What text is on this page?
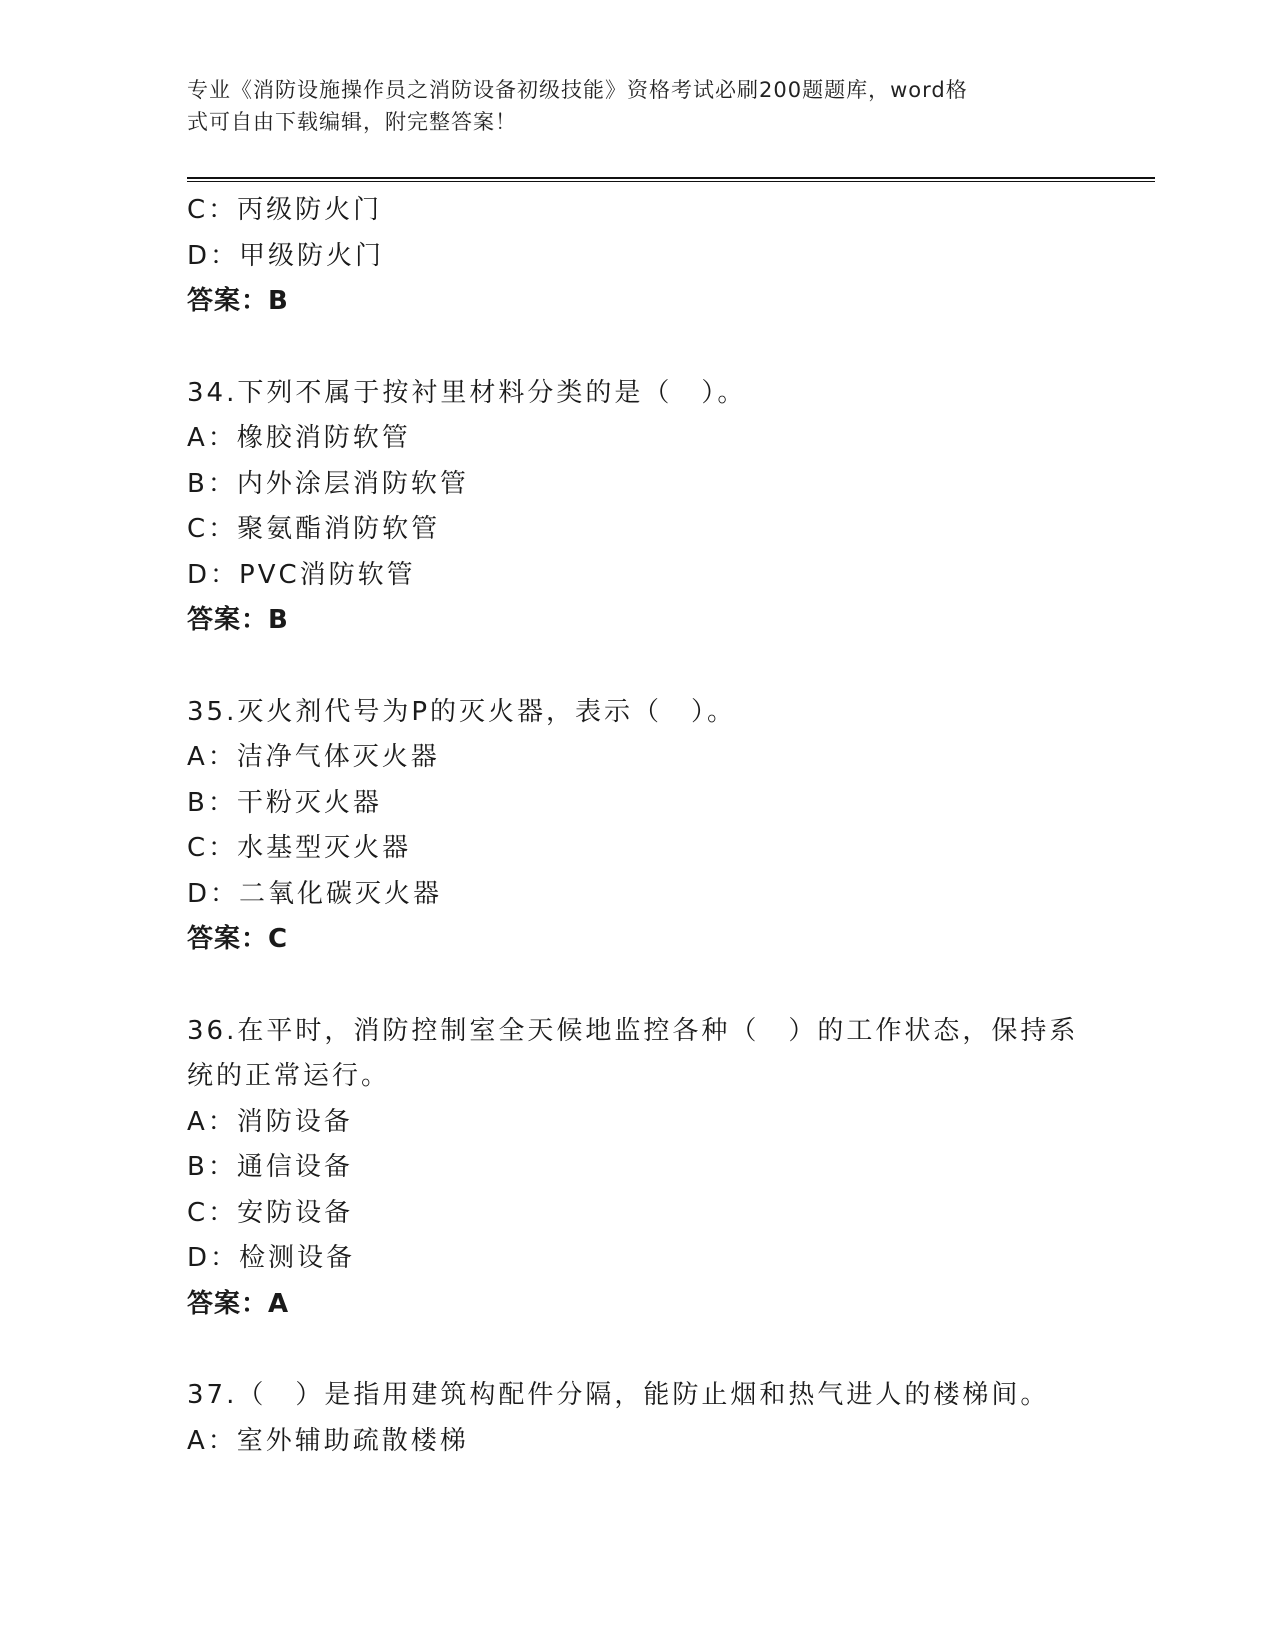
专业《消防设施操作员之消防设备初级技能》资格考试必刷200题题库，word格
式可自由下载编辑，附完整答案！
C：丙级防火门
D：甲级防火门
答案：B
34.下列不属于按衬里材料分类的是（　）。
A：橡胶消防软管
B：内外涂层消防软管
C：聚氨酯消防软管
D：PVC消防软管
答案：B
35.灭火剂代号为P的灭火器，表示（　）。
A：洁净气体灭火器
B：干粉灭火器
C：水基型灭火器
D：二氧化碳灭火器
答案：C
36.在平时，消防控制室全天候地监控各种（　）的工作状态，保持系
统的正常运行。
A：消防设备
B：通信设备
C：安防设备
D：检测设备
答案：A
37.（　）是指用建筑构配件分隔，能防止烟和热气进人的楼梯间。
A：室外辅助疏散楼梯
